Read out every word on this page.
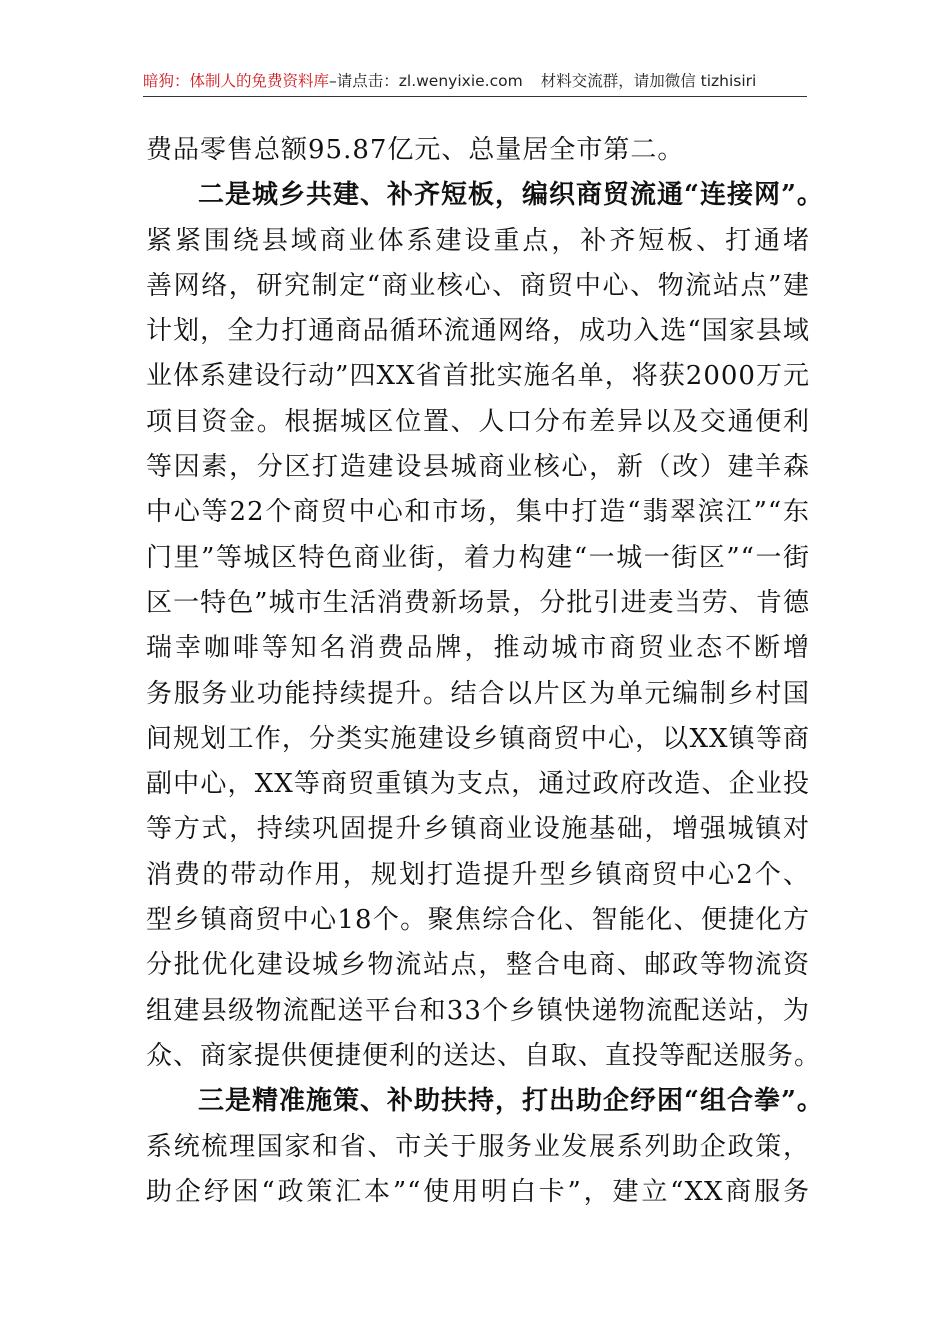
暗狗：体制人的免费资料库–请点击：zl.wenyixie.com 材料交流群，请加微信 tizhisiri
费品零售总额95.87亿元、总量居全市第二。
二是城乡共建、补齐短板，编织商贸流通“连接网”。
紧紧围绕县域商业体系建设重点，补齐短板、打通堵
善网络，研究制定“商业核心、商贸中心、物流站点”建
计划，全力打通商品循环流通网络，成功入选“国家县域
业体系建设行动”四XX省首批实施名单，将获2000万元
项目资金。根据城区位置、人口分布差异以及交通便利
等因素，分区打造建设县城商业核心，新（改）建羊森
中心等22个商贸中心和市场，集中打造“翡翠滨江”“东
门里”等城区特色商业街，着力构建“一城一街区”“一街
区一特色”城市生活消费新场景，分批引进麦当劳、肯德
瑞幸咖啡等知名消费品牌，推动城市商贸业态不断增
务服务业功能持续提升。结合以片区为单元编制乡村国
间规划工作，分类实施建设乡镇商贸中心，以XX镇等商
副中心，XX等商贸重镇为支点，通过政府改造、企业投
等方式，持续巩固提升乡镇商业设施基础，增强城镇对
消费的带动作用，规划打造提升型乡镇商贸中心2个、
型乡镇商贸中心18个。聚焦综合化、智能化、便捷化方
分批优化建设城乡物流站点，整合电商、邮政等物流资
组建县级物流配送平台和33个乡镇快递物流配送站，为
众、商家提供便捷便利的送达、自取、直投等配送服务。
三是精准施策、补助扶持，打出助企纾困“组合拳”。
系统梳理国家和省、市关于服务业发展系列助企政策，
助企纾困“政策汇本”“使用明白卡”，建立“XX商服务
